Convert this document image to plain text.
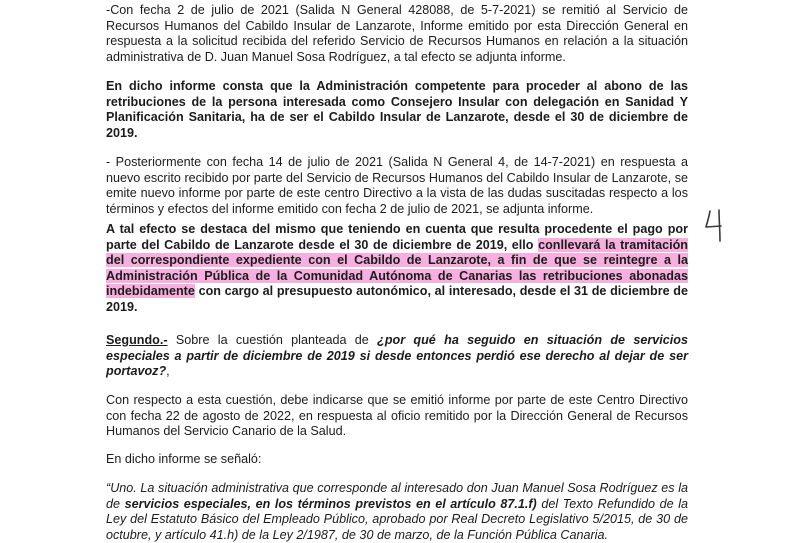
-Con fecha 2 de julio de 2021 (Salida N General 428088, de 5-7-2021) se remitió al Servicio de Recursos Humanos del Cabildo Insular de Lanzarote, Informe emitido por esta Dirección General en respuesta a la solicitud recibida del referido Servicio de Recursos Humanos en relación a la situación administrativa de D. Juan Manuel Sosa Rodríguez, a tal efecto se adjunta informe.

En dicho informe consta que la Administración competente para proceder al abono de las retribuciones de la persona interesada como Consejero Insular con delegación en Sanidad Y Planificación Sanitaria, ha de ser el Cabildo Insular de Lanzarote, desde el 30 de diciembre de 2019.

- Posteriormente con fecha 14 de julio de 2021 (Salida N General 4, de 14-7-2021) en respuesta a nuevo escrito recibido por parte del Servicio de Recursos Humanos del Cabildo Insular de Lanzarote, se emite nuevo informe por parte de este centro Directivo a la vista de las dudas suscitadas respecto a los términos y efectos del informe emitido con fecha 2 de julio de 2021, se adjunta informe.

A tal efecto se destaca del mismo que teniendo en cuenta que resulta procedente el pago por parte del Cabildo de Lanzarote desde el 30 de diciembre de 2019, ello conllevará la tramitación del correspondiente expediente con el Cabildo de Lanzarote, a fin de que se reintegre a la Administración Pública de la Comunidad Autónoma de Canarias las retribuciones abonadas indebidamente con cargo al presupuesto autonómico, al interesado, desde el 31 de diciembre de 2019.

Segundo.- Sobre la cuestión planteada de ¿por qué ha seguido en situación de servicios especiales a partir de diciembre de 2019 si desde entonces perdió ese derecho al dejar de ser portavoz?,

Con respecto a esta cuestión, debe indicarse que se emitió informe por parte de este Centro Directivo con fecha 22 de agosto de 2022, en respuesta al oficio remitido por la Dirección General de Recursos Humanos del Servicio Canario de la Salud.

En dicho informe se señaló:

“Uno. La situación administrativa que corresponde al interesado don Juan Manuel Sosa Rodríguez es la de servicios especiales, en los términos previstos en el artículo 87.1.f) del Texto Refundido de la Ley del Estatuto Básico del Empleado Público, aprobado por Real Decreto Legislativo 5/2015, de 30 de octubre, y artículo 41.h) de la Ley 2/1987, de 30 de marzo, de la Función Pública Canaria.
